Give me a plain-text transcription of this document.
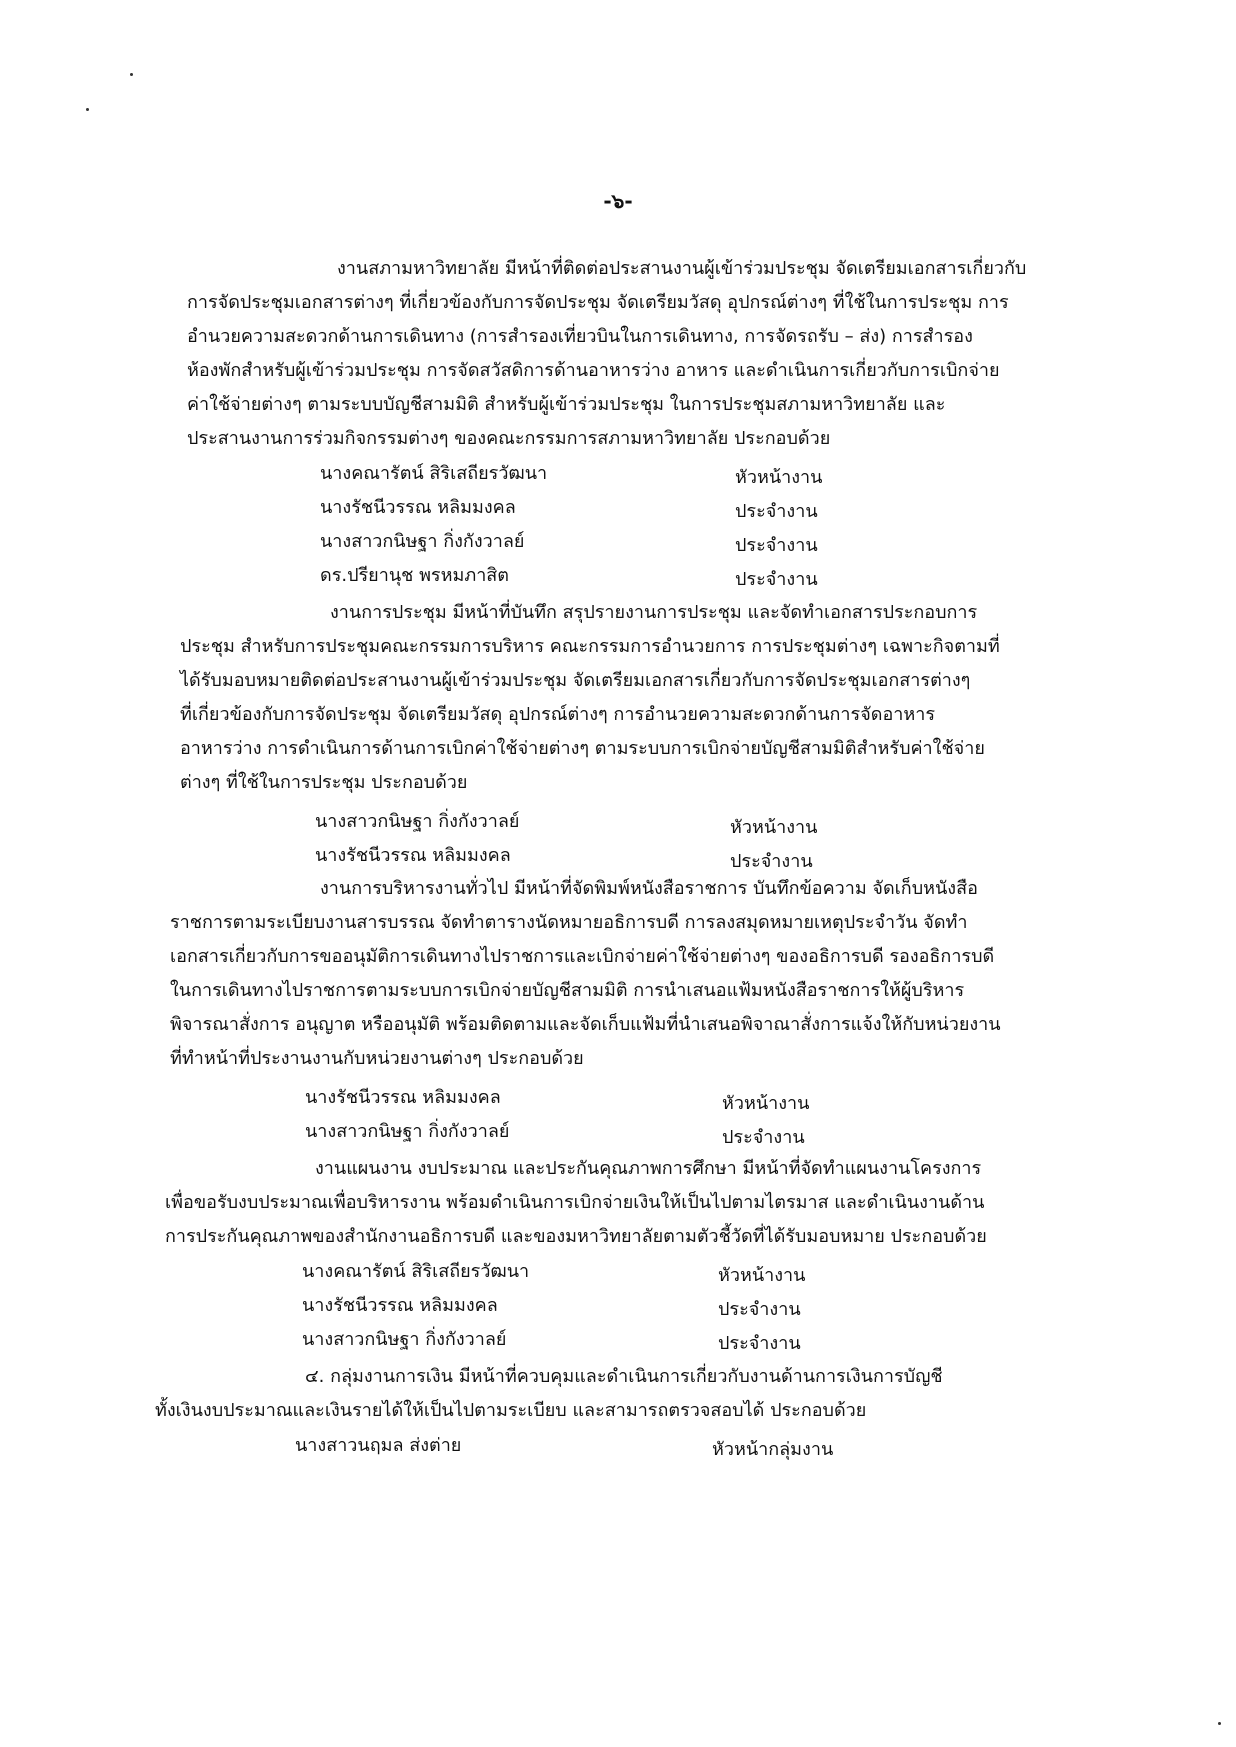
-๖-
งานสภามหาวิทยาลัย มีหน้าที่ติดต่อประสานงานผู้เข้าร่วมประชุม จัดเตรียมเอกสารเกี่ยวกับ
การจัดประชุมเอกสารต่างๆ ที่เกี่ยวข้องกับการจัดประชุม จัดเตรียมวัสดุ อุปกรณ์ต่างๆ ที่ใช้ในการประชุม การ
อำนวยความสะดวกด้านการเดินทาง (การสำรองเที่ยวบินในการเดินทาง, การจัดรถรับ – ส่ง) การสำรอง
ห้องพักสำหรับผู้เข้าร่วมประชุม การจัดสวัสดิการด้านอาหารว่าง อาหาร และดำเนินการเกี่ยวกับการเบิกจ่าย
ค่าใช้จ่ายต่างๆ ตามระบบบัญชีสามมิติ สำหรับผู้เข้าร่วมประชุม ในการประชุมสภามหาวิทยาลัย และ
ประสานงานการร่วมกิจกรรมต่างๆ ของคณะกรรมการสภามหาวิทยาลัย ประกอบด้วย
นางคณารัตน์ สิริเสถียรวัฒนา	หัวหน้างาน
นางรัชนีวรรณ หลิมมงคล	ประจำงาน
นางสาวกนิษฐา กิ่งกังวาลย์	ประจำงาน
ดร.ปรียานุช พรหมภาสิต	ประจำงาน
งานการประชุม มีหน้าที่บันทึก สรุปรายงานการประชุม และจัดทำเอกสารประกอบการ
ประชุม สำหรับการประชุมคณะกรรมการบริหาร คณะกรรมการอำนวยการ การประชุมต่างๆ เฉพาะกิจตามที่
ได้รับมอบหมายติดต่อประสานงานผู้เข้าร่วมประชุม จัดเตรียมเอกสารเกี่ยวกับการจัดประชุมเอกสารต่างๆ
ที่เกี่ยวข้องกับการจัดประชุม จัดเตรียมวัสดุ อุปกรณ์ต่างๆ การอำนวยความสะดวกด้านการจัดอาหาร
อาหารว่าง การดำเนินการด้านการเบิกค่าใช้จ่ายต่างๆ ตามระบบการเบิกจ่ายบัญชีสามมิติสำหรับค่าใช้จ่าย
ต่างๆ ที่ใช้ในการประชุม ประกอบด้วย
นางสาวกนิษฐา กิ่งกังวาลย์	หัวหน้างาน
นางรัชนีวรรณ หลิมมงคล	ประจำงาน
งานการบริหารงานทั่วไป มีหน้าที่จัดพิมพ์หนังสือราชการ บันทึกข้อความ จัดเก็บหนังสือ
ราชการตามระเบียบงานสารบรรณ จัดทำตารางนัดหมายอธิการบดี การลงสมุดหมายเหตุประจำวัน จัดทำ
เอกสารเกี่ยวกับการขออนุมัติการเดินทางไปราชการและเบิกจ่ายค่าใช้จ่ายต่างๆ ของอธิการบดี รองอธิการบดี
ในการเดินทางไปราชการตามระบบการเบิกจ่ายบัญชีสามมิติ การนำเสนอแฟ้มหนังสือราชการให้ผู้บริหาร
พิจารณาสั่งการ อนุญาต หรืออนุมัติ พร้อมติดตามและจัดเก็บแฟ้มที่นำเสนอพิจาณาสั่งการแจ้งให้กับหน่วยงาน
ที่ทำหน้าที่ประงานงานกับหน่วยงานต่างๆ ประกอบด้วย
นางรัชนีวรรณ หลิมมงคล	หัวหน้างาน
นางสาวกนิษฐา กิ่งกังวาลย์	ประจำงาน
งานแผนงาน งบประมาณ และประกันคุณภาพการศึกษา มีหน้าที่จัดทำแผนงานโครงการ
เพื่อขอรับงบประมาณเพื่อบริหารงาน พร้อมดำเนินการเบิกจ่ายเงินให้เป็นไปตามไตรมาส และดำเนินงานด้าน
การประกันคุณภาพของสำนักงานอธิการบดี และของมหาวิทยาลัยตามตัวชี้วัดที่ได้รับมอบหมาย ประกอบด้วย
นางคณารัตน์ สิริเสถียรวัฒนา	หัวหน้างาน
นางรัชนีวรรณ หลิมมงคล	ประจำงาน
นางสาวกนิษฐา กิ่งกังวาลย์	ประจำงาน
๔. กลุ่มงานการเงิน มีหน้าที่ควบคุมและดำเนินการเกี่ยวกับงานด้านการเงินการบัญชี
ทั้งเงินงบประมาณและเงินรายได้ให้เป็นไปตามระเบียบ และสามารถตรวจสอบได้ ประกอบด้วย
นางสาวนฤมล ส่งต่าย	หัวหน้ากลุ่มงาน
